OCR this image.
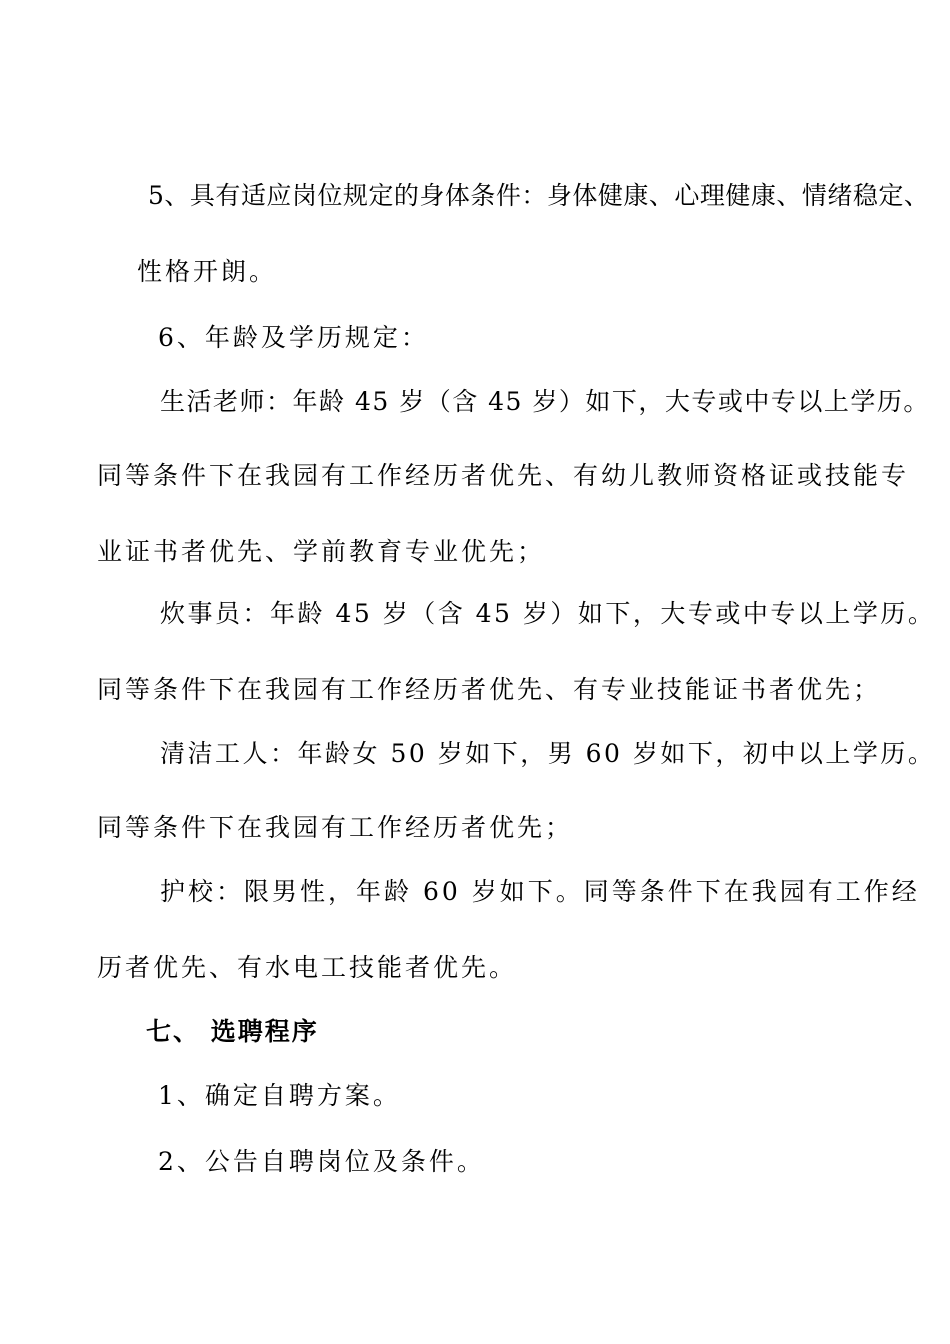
5、具有适应岗位规定的身体条件：身体健康、心理健康、情绪稳定、
性格开朗。
6、年龄及学历规定：
生活老师：年龄 45 岁（含 45 岁）如下，大专或中专以上学历。
同等条件下在我园有工作经历者优先、有幼儿教师资格证或技能专
业证书者优先、学前教育专业优先；
炊事员：年龄 45 岁（含 45 岁）如下，大专或中专以上学历。
同等条件下在我园有工作经历者优先、有专业技能证书者优先；
清洁工人：年龄女 50 岁如下，男 60 岁如下，初中以上学历。
同等条件下在我园有工作经历者优先；
护校：限男性，年龄 60 岁如下。同等条件下在我园有工作经
历者优先、有水电工技能者优先。
七、 选聘程序
1、确定自聘方案。
2、公告自聘岗位及条件。
